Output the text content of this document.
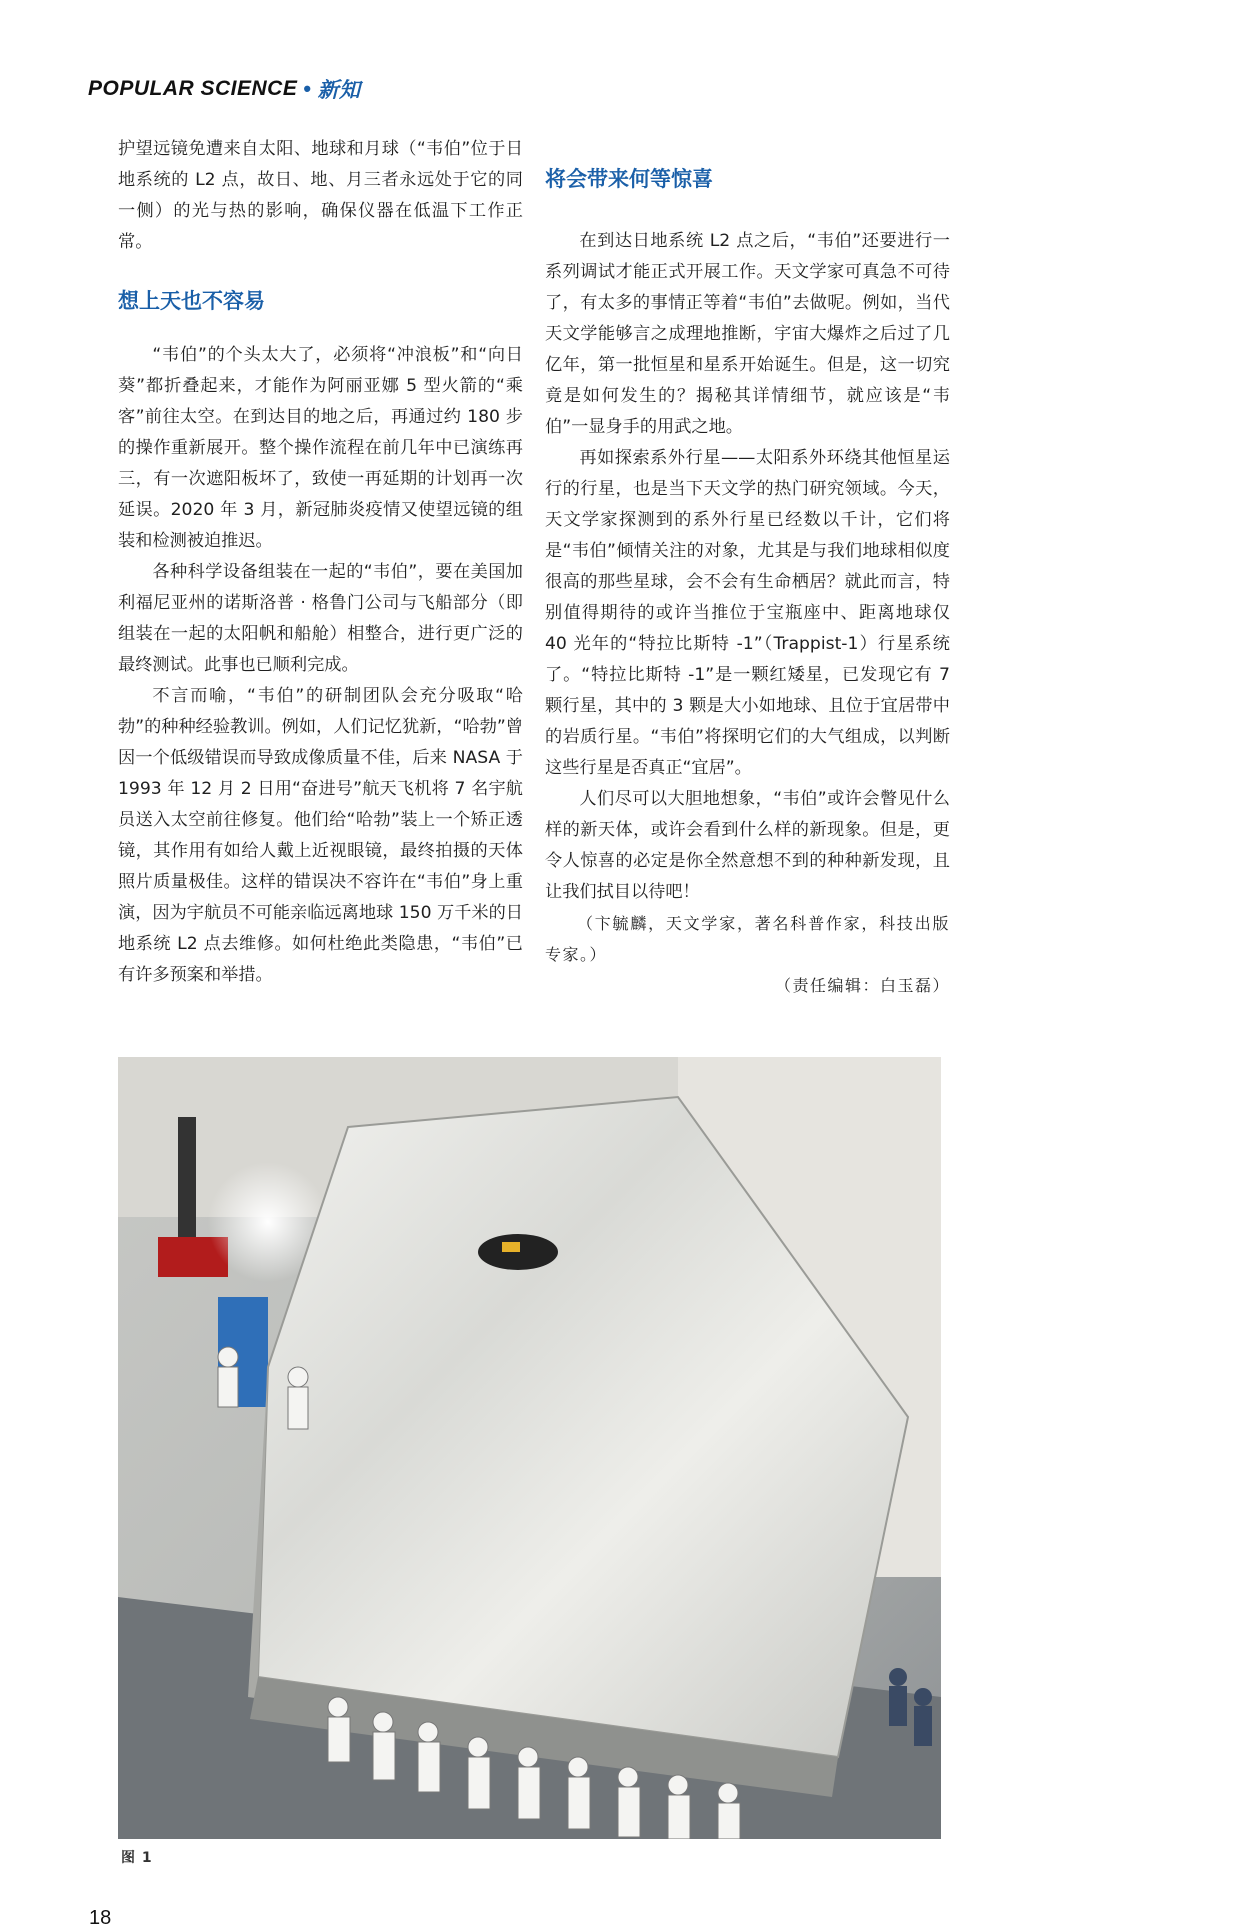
POPULAR SCIENCE • 新知

护望远镜免遭来自太阳、地球和月球（“韦伯”位于日地系统的 L2 点，故日、地、月三者永远处于它的同一侧）的光与热的影响，确保仪器在低温下工作正常。

想上天也不容易

“韦伯”的个头太大了，必须将“冲浪板”和“向日葵”都折叠起来，才能作为阿丽亚娜 5 型火箭的“乘客”前往太空。在到达目的地之后，再通过约 180 步的操作重新展开。整个操作流程在前几年中已演练再三，有一次遮阳板坏了，致使一再延期的计划再一次延误。2020 年 3 月，新冠肺炎疫情又使望远镜的组装和检测被迫推迟。

各种科学设备组装在一起的“韦伯”，要在美国加利福尼亚州的诺斯洛普 · 格鲁门公司与飞船部分（即组装在一起的太阳帆和船舱）相整合，进行更广泛的最终测试。此事也已顺利完成。

不言而喻，“韦伯”的研制团队会充分吸取“哈勃”的种种经验教训。例如，人们记忆犹新，“哈勃”曾因一个低级错误而导致成像质量不佳，后来 NASA 于 1993 年 12 月 2 日用“奋进号”航天飞机将 7 名宇航员送入太空前往修复。他们给“哈勃”装上一个矫正透镜，其作用有如给人戴上近视眼镜，最终拍摄的天体照片质量极佳。这样的错误决不容许在“韦伯”身上重演，因为宇航员不可能亲临远离地球 150 万千米的日地系统 L2 点去维修。如何杜绝此类隐患，“韦伯”已有许多预案和举措。

将会带来何等惊喜

在到达日地系统 L2 点之后，“韦伯”还要进行一系列调试才能正式开展工作。天文学家可真急不可待了，有太多的事情正等着“韦伯”去做呢。例如，当代天文学能够言之成理地推断，宇宙大爆炸之后过了几亿年，第一批恒星和星系开始诞生。但是，这一切究竟是如何发生的？揭秘其详情细节，就应该是“韦伯”一显身手的用武之地。

再如探索系外行星——太阳系外环绕其他恒星运行的行星，也是当下天文学的热门研究领域。今天，天文学家探测到的系外行星已经数以千计，它们将是“韦伯”倾情关注的对象，尤其是与我们地球相似度很高的那些星球，会不会有生命栖居？就此而言，特别值得期待的或许当推位于宝瓶座中、距离地球仅 40 光年的“特拉比斯特 -1”（Trappist-1）行星系统了。“特拉比斯特 -1”是一颗红矮星，已发现它有 7 颗行星，其中的 3 颗是大小如地球、且位于宜居带中的岩质行星。“韦伯”将探明它们的大气组成，以判断这些行星是否真正“宜居”。

人们尽可以大胆地想象，“韦伯”或许会瞥见什么样的新天体，或许会看到什么样的新现象。但是，更令人惊喜的必定是你全然意想不到的种种新发现，且让我们拭目以待吧！

（卞毓麟，天文学家，著名科普作家，科技出版专家。）

（责任编辑：白玉磊）
图 1
18
